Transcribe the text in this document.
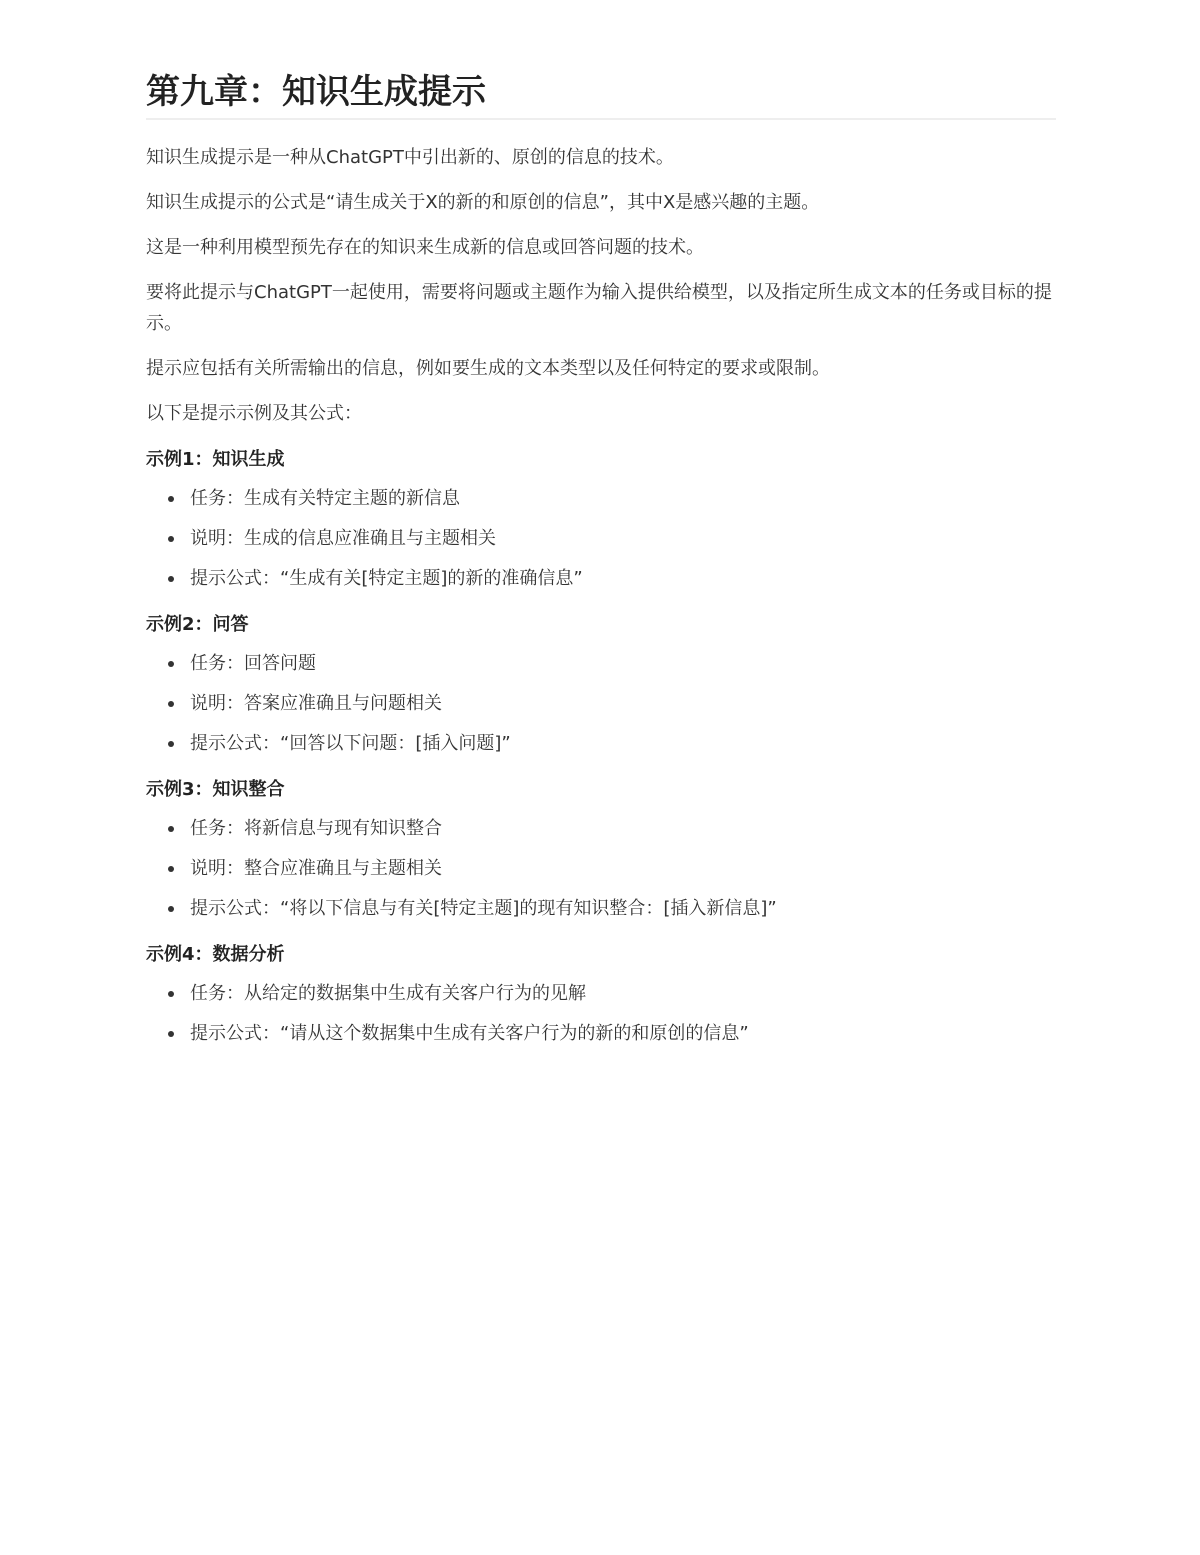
第九章：知识生成提示

知识生成提示是一种从ChatGPT中引出新的、原创的信息的技术。

知识生成提示的公式是“请生成关于X的新的和原创的信息”，其中X是感兴趣的主题。

这是一种利用模型预先存在的知识来生成新的信息或回答问题的技术。

要将此提示与ChatGPT一起使用，需要将问题或主题作为输入提供给模型，以及指定所生成文本的任务或目标的提示。

提示应包括有关所需输出的信息，例如要生成的文本类型以及任何特定的要求或限制。

以下是提示示例及其公式：

示例1：知识生成
任务：生成有关特定主题的新信息
说明：生成的信息应准确且与主题相关
提示公式：“生成有关[特定主题]的新的准确信息”
示例2：问答
任务：回答问题
说明：答案应准确且与问题相关
提示公式：“回答以下问题：[插入问题]”
示例3：知识整合
任务：将新信息与现有知识整合
说明：整合应准确且与主题相关
提示公式：“将以下信息与有关[特定主题]的现有知识整合：[插入新信息]”
示例4：数据分析
任务：从给定的数据集中生成有关客户行为的见解
提示公式：“请从这个数据集中生成有关客户行为的新的和原创的信息”
